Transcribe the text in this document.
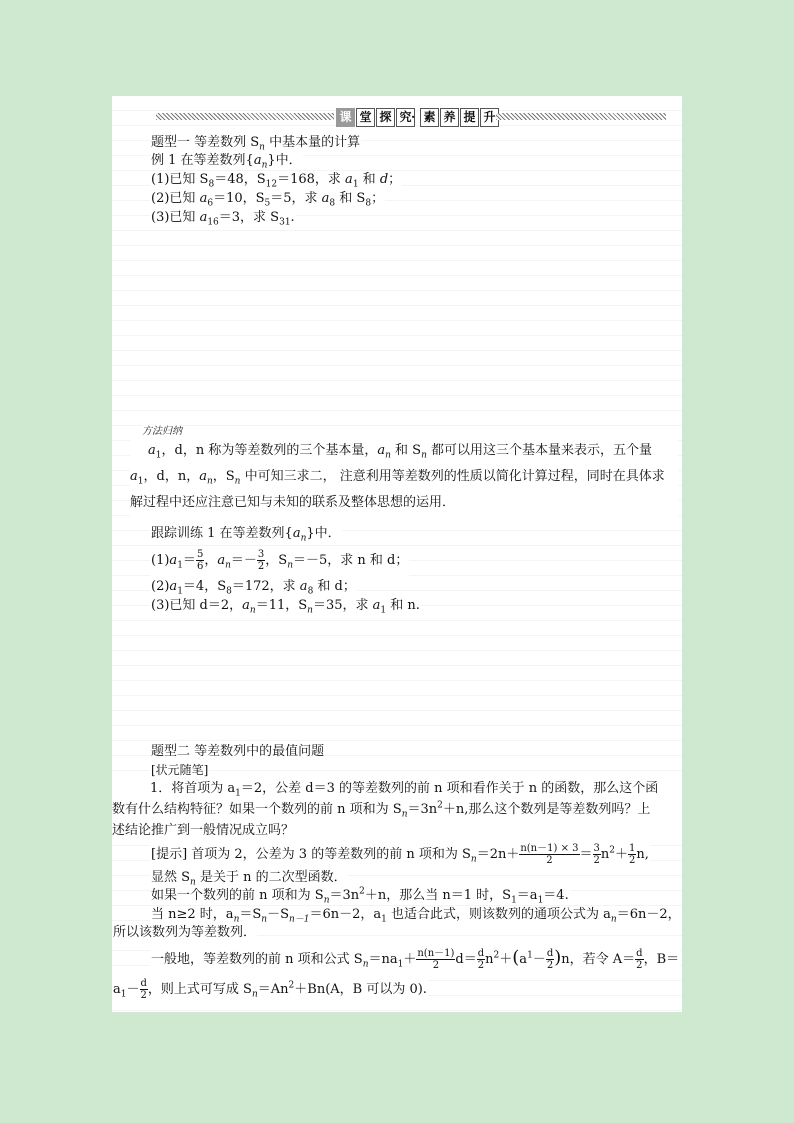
课 堂 探 究 · 素 养 提 升
题型一 等差数列 $S_n$ 中基本量的计算
例 1 在等差数列$\{a_n\}$中．
(1)已知 $S_8=48$，$S_{12}=168$，求 $a_1$ 和 d；
(2)已知 $a_6=10$，$S_5=5$，求 $a_8$ 和 $S_8$；
(3)已知 $a_{16}=3$，求 $S_{31}$.
方法归纳
$a_1$，d，n 称为等差数列的三个基本量，$a_n$ 和 $S_n$ 都可以用这三个基本量来表示，五个量
$a_1$，d，n，$a_n$，$S_n$ 中可知三求二， 注意利用等差数列的性质以简化计算过程，同时在具体求
解过程中还应注意已知与未知的联系及整体思想的运用．
跟踪训练 1 在等差数列$\{a_n\}$中．
$(1)a_1= \frac{5}{6}$ ，$a_n=- \frac{3}{2}$ ，$S_n=-5$，求 n 和 d；
$(2)a_1=4$，$S_8=172$，求 $a_8$ 和 d；
(3)已知 d＝2，$a_n=11$，$S_n=35$，求 $a_1$ 和 n.
题型二 等差数列中的最值问题
[状元随笔]
1．将首项为 $a_1=2$，公差 d＝3 的等差数列的前 n 项和看作关于 n 的函数，那么这个函
数有什么结构特征？如果一个数列的前 n 项和为 $S_n=3n^2+n$,那么这个数列是等差数列吗？上
述结论推广到一般情况成立吗？
[提示] 首项为 2，公差为 3 的等差数列的前 n 项和为 $S_n=2n+ \frac{n(n-1) \times 3}{2} = \frac{3}{2} n^2+ \frac{1}{2} n$,
显然 $S_n$ 是关于 n 的二次型函数．
如果一个数列的前 n 项和为 $S_n=3n^2+n$，那么当 n＝1 时，$S_1=a_1=4$.
当 n≥2 时，$a_n=S_n-S_{n-1}=6n-2$，$a_1$ 也适合此式，则该数列的通项公式为 $a_n=6n-2$，
所以该数列为等差数列．
一般地，等差数列的前 n 项和公式 $S_n=na_1+ \frac{n(n-1)}{2} d= \frac{d}{2} n^2+(a^1- \frac{d}{2} )n$，若令 $A= \frac{d}{2}$ ，B＝
$a_1- \frac{d}{2}$ ，则上式可写成 $S_n=An^2+Bn(A$，B 可以为 0).
